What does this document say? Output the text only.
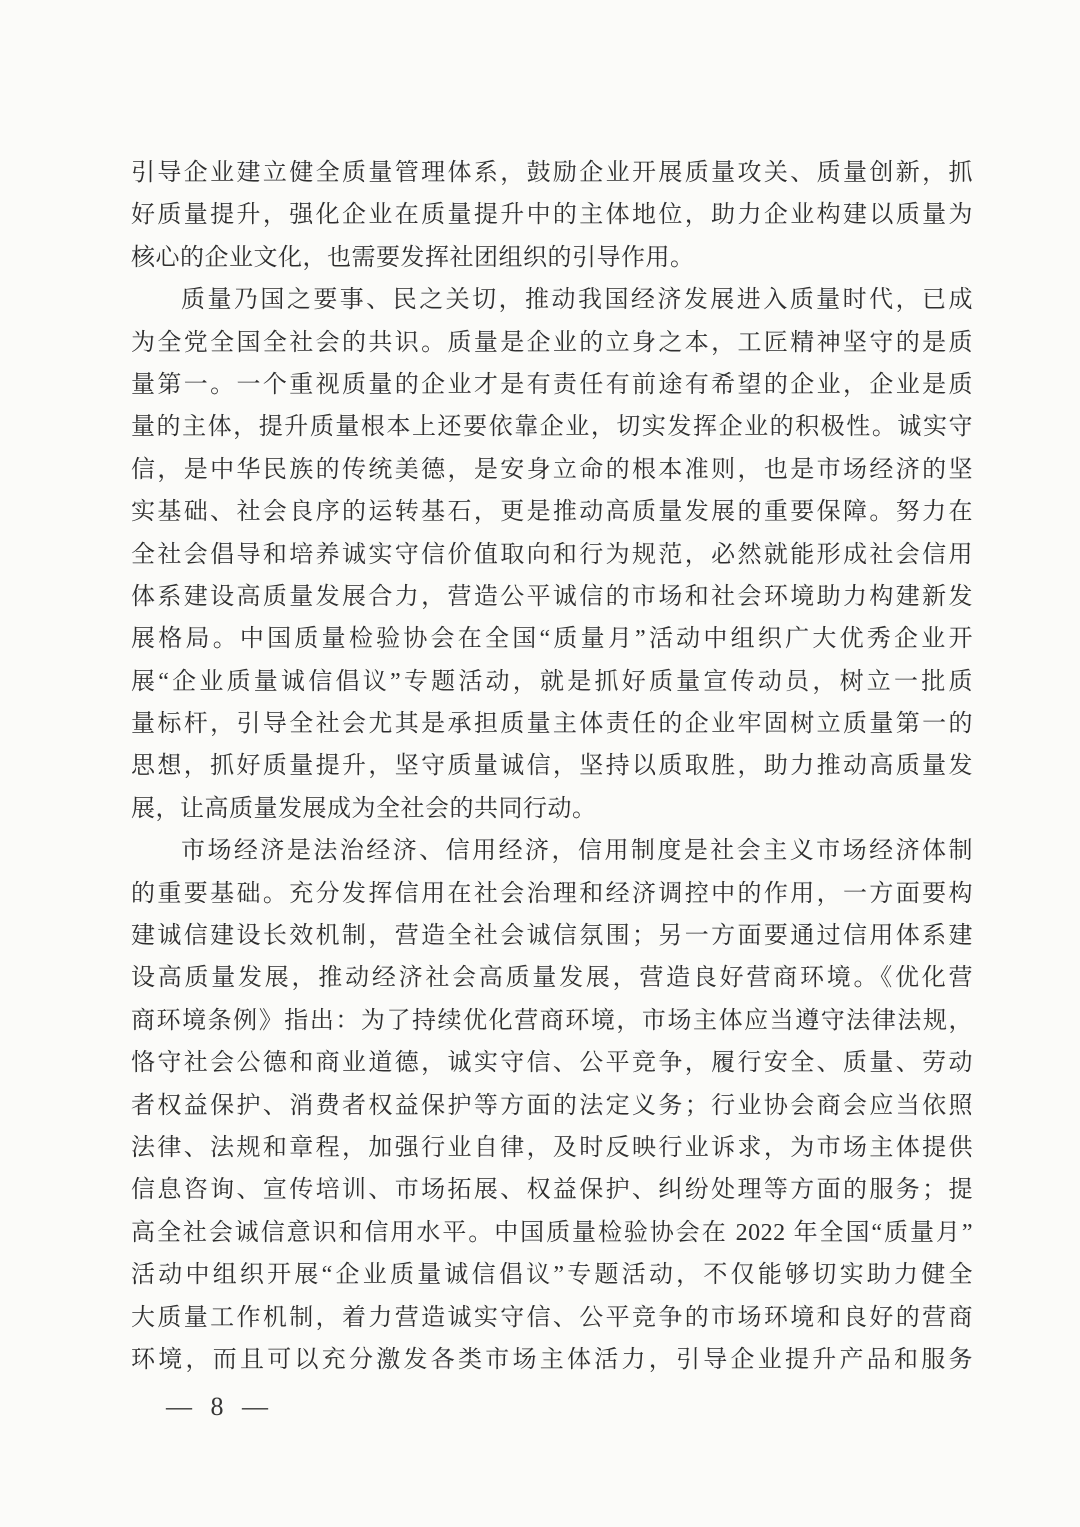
引导企业建立健全质量管理体系，鼓励企业开展质量攻关、质量创新，抓
好质量提升，强化企业在质量提升中的主体地位，助力企业构建以质量为
核心的企业文化，也需要发挥社团组织的引导作用。
质量乃国之要事、民之关切，推动我国经济发展进入质量时代，已成
为全党全国全社会的共识。质量是企业的立身之本，工匠精神坚守的是质
量第一。一个重视质量的企业才是有责任有前途有希望的企业，企业是质
量的主体，提升质量根本上还要依靠企业，切实发挥企业的积极性。诚实守
信，是中华民族的传统美德，是安身立命的根本准则，也是市场经济的坚
实基础、社会良序的运转基石，更是推动高质量发展的重要保障。努力在
全社会倡导和培养诚实守信价值取向和行为规范，必然就能形成社会信用
体系建设高质量发展合力，营造公平诚信的市场和社会环境助力构建新发
展格局。中国质量检验协会在全国“质量月”活动中组织广大优秀企业开
展“企业质量诚信倡议”专题活动，就是抓好质量宣传动员，树立一批质
量标杆，引导全社会尤其是承担质量主体责任的企业牢固树立质量第一的
思想，抓好质量提升，坚守质量诚信，坚持以质取胜，助力推动高质量发
展，让高质量发展成为全社会的共同行动。
市场经济是法治经济、信用经济，信用制度是社会主义市场经济体制
的重要基础。充分发挥信用在社会治理和经济调控中的作用，一方面要构
建诚信建设长效机制，营造全社会诚信氛围；另一方面要通过信用体系建
设高质量发展，推动经济社会高质量发展，营造良好营商环境。《优化营
商环境条例》指出：为了持续优化营商环境，市场主体应当遵守法律法规，
恪守社会公德和商业道德，诚实守信、公平竞争，履行安全、质量、劳动
者权益保护、消费者权益保护等方面的法定义务；行业协会商会应当依照
法律、法规和章程，加强行业自律，及时反映行业诉求，为市场主体提供
信息咨询、宣传培训、市场拓展、权益保护、纠纷处理等方面的服务；提
高全社会诚信意识和信用水平。中国质量检验协会在 2022 年全国“质量月”
活动中组织开展“企业质量诚信倡议”专题活动，不仅能够切实助力健全
大质量工作机制，着力营造诚实守信、公平竞争的市场环境和良好的营商
环境，而且可以充分激发各类市场主体活力，引导企业提升产品和服务
— 8 —
